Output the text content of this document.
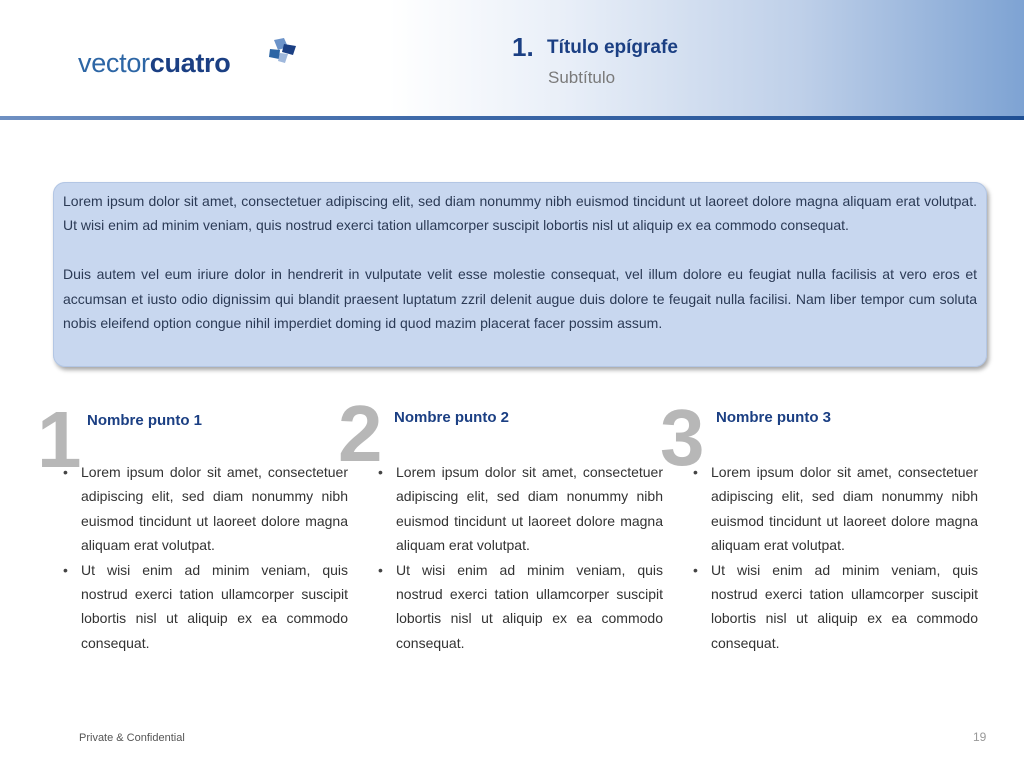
vectorcuatro
1. Título epígrafe
Subtítulo

Lorem ipsum dolor sit amet, consectetuer adipiscing elit, sed diam nonummy nibh euismod tincidunt ut laoreet dolore magna aliquam erat volutpat. Ut wisi enim ad minim veniam, quis nostrud exerci tation ullamcorper suscipit lobortis nisl ut aliquip ex ea commodo consequat.

Duis autem vel eum iriure dolor in hendrerit in vulputate velit esse molestie consequat, vel illum dolore eu feugiat nulla facilisis at vero eros et accumsan et iusto odio dignissim qui blandit praesent luptatum zzril delenit augue duis dolore te feugait nulla facilisi. Nam liber tempor cum soluta nobis eleifend option congue nihil imperdiet doming id quod mazim placerat facer possim assum.

1 Nombre punto 1
• Lorem ipsum dolor sit amet, consectetuer adipiscing elit, sed diam nonummy nibh euismod tincidunt ut laoreet dolore magna aliquam erat volutpat.
• Ut wisi enim ad minim veniam, quis nostrud exerci tation ullamcorper suscipit lobortis nisl ut aliquip ex ea commodo consequat.
2 Nombre punto 2
• Lorem ipsum dolor sit amet, consectetuer adipiscing elit, sed diam nonummy nibh euismod tincidunt ut laoreet dolore magna aliquam erat volutpat.
• Ut wisi enim ad minim veniam, quis nostrud exerci tation ullamcorper suscipit lobortis nisl ut aliquip ex ea commodo consequat.
3 Nombre punto 3
• Lorem ipsum dolor sit amet, consectetuer adipiscing elit, sed diam nonummy nibh euismod tincidunt ut laoreet dolore magna aliquam erat volutpat.
• Ut wisi enim ad minim veniam, quis nostrud exerci tation ullamcorper suscipit lobortis nisl ut aliquip ex ea commodo consequat.
Private & Confidential	19
